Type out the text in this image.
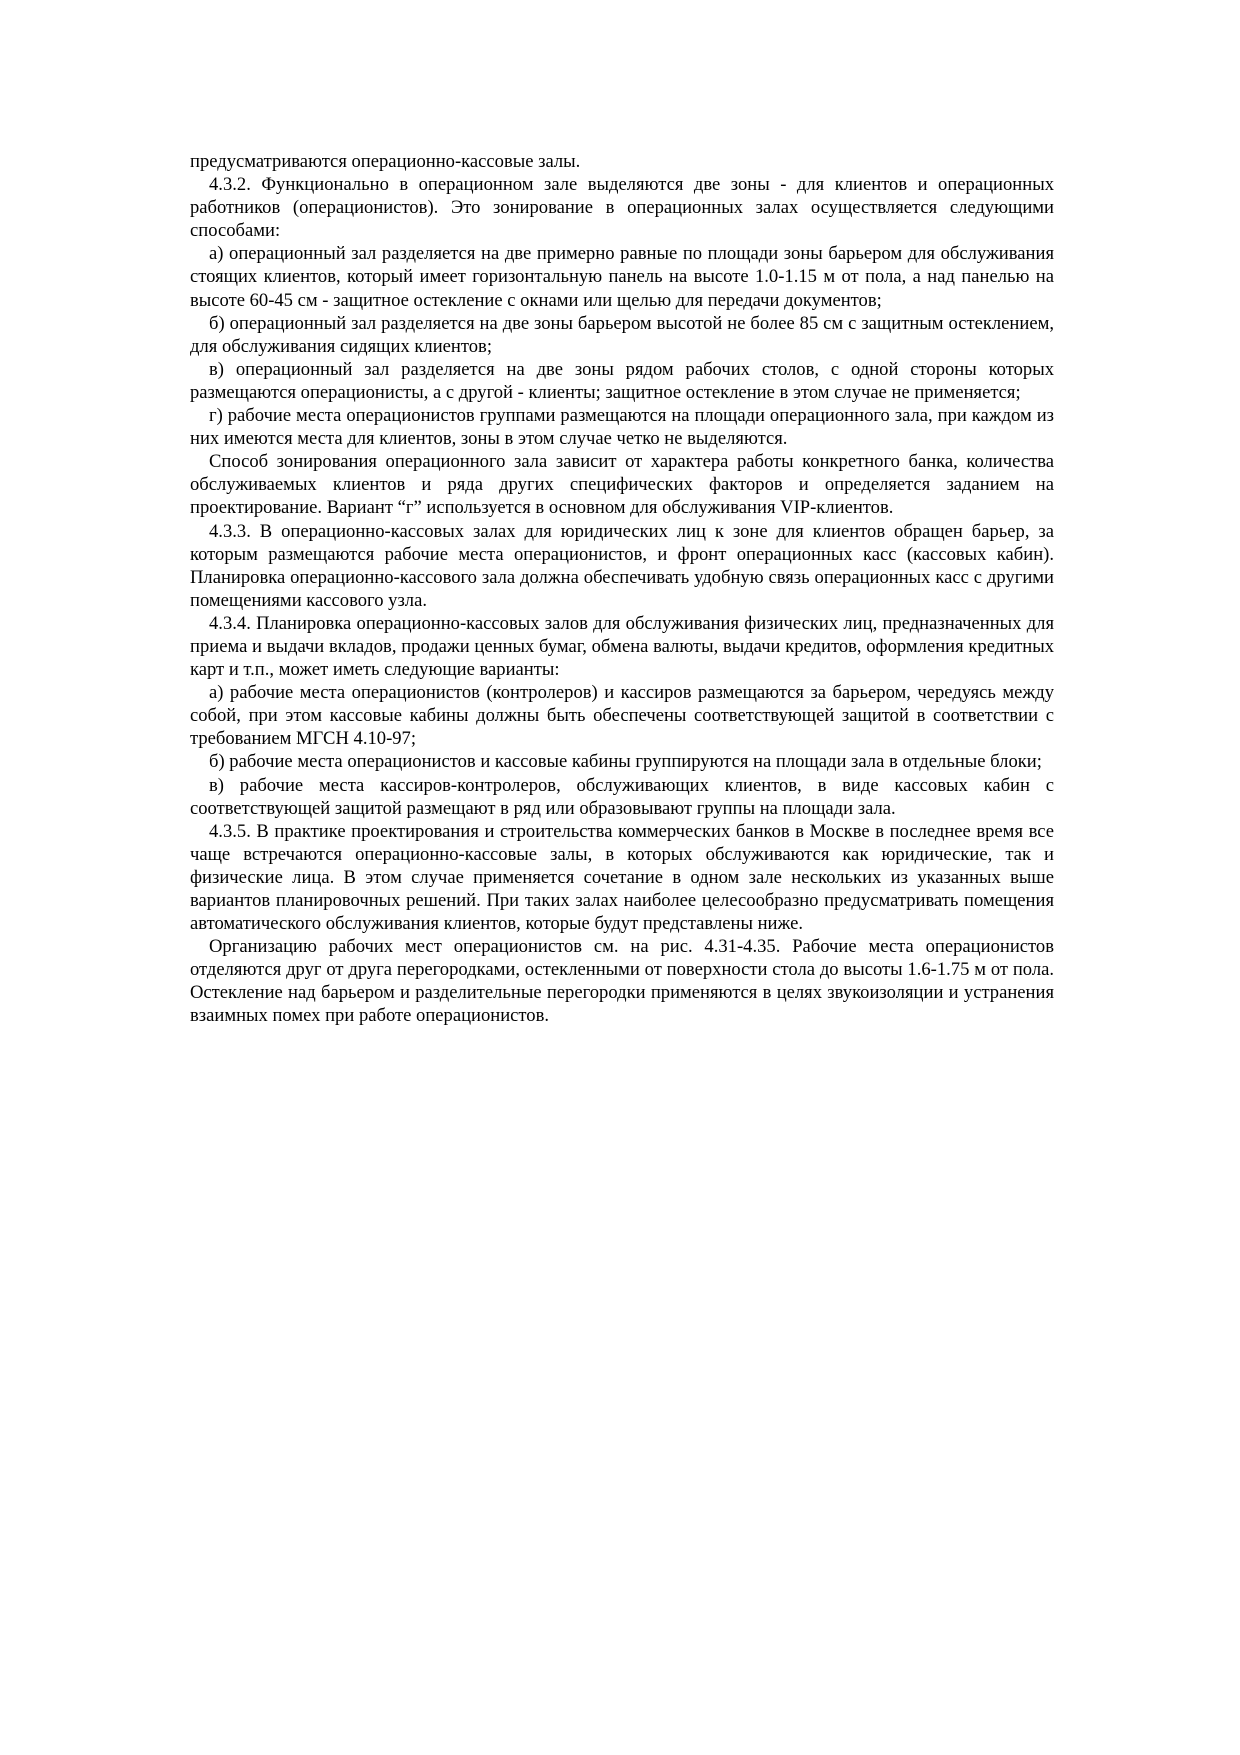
предусматриваются операционно-кассовые залы.

4.3.2. Функционально в операционном зале выделяются две зоны - для клиентов и операционных работников (операционистов). Это зонирование в операционных залах осуществляется следующими способами:

а) операционный зал разделяется на две примерно равные по площади зоны барьером для обслуживания стоящих клиентов, который имеет горизонтальную панель на высоте 1.0-1.15 м от пола, а над панелью на высоте 60-45 см - защитное остекление с окнами или щелью для передачи документов;

б) операционный зал разделяется на две зоны барьером высотой не более 85 см с защитным остеклением, для обслуживания сидящих клиентов;

в) операционный зал разделяется на две зоны рядом рабочих столов, с одной стороны которых размещаются операционисты, а с другой - клиенты; защитное остекление в этом случае не применяется;

г) рабочие места операционистов группами размещаются на площади операционного зала, при каждом из них имеются места для клиентов, зоны в этом случае четко не выделяются.

Способ зонирования операционного зала зависит от характера работы конкретного банка, количества обслуживаемых клиентов и ряда других специфических факторов и определяется заданием на проектирование. Вариант “г” используется в основном для обслуживания VIP-клиентов.

4.3.3. В операционно-кассовых залах для юридических лиц к зоне для клиентов обращен барьер, за которым размещаются рабочие места операционистов, и фронт операционных касс (кассовых кабин). Планировка операционно-кассового зала должна обеспечивать удобную связь операционных касс с другими помещениями кассового узла.

4.3.4. Планировка операционно-кассовых залов для обслуживания физических лиц, предназначенных для приема и выдачи вкладов, продажи ценных бумаг, обмена валюты, выдачи кредитов, оформления кредитных карт и т.п., может иметь следующие варианты:

а) рабочие места операционистов (контролеров) и кассиров размещаются за барьером, чередуясь между собой, при этом кассовые кабины должны быть обеспечены соответствующей защитой в соответствии с требованием МГСН 4.10-97;

б) рабочие места операционистов и кассовые кабины группируются на площади зала в отдельные блоки;

в) рабочие места кассиров-контролеров, обслуживающих клиентов, в виде кассовых кабин с соответствующей защитой размещают в ряд или образовывают группы на площади зала.

4.3.5. В практике проектирования и строительства коммерческих банков в Москве в последнее время все чаще встречаются операционно-кассовые залы, в которых обслуживаются как юридические, так и физические лица. В этом случае применяется сочетание в одном зале нескольких из указанных выше вариантов планировочных решений. При таких залах наиболее целесообразно предусматривать помещения автоматического обслуживания клиентов, которые будут представлены ниже.

Организацию рабочих мест операционистов см. на рис. 4.31-4.35. Рабочие места операционистов отделяются друг от друга перегородками, остекленными от поверхности стола до высоты 1.6-1.75 м от пола. Остекление над барьером и разделительные перегородки применяются в целях звукоизоляции и устранения взаимных помех при работе операционистов.
